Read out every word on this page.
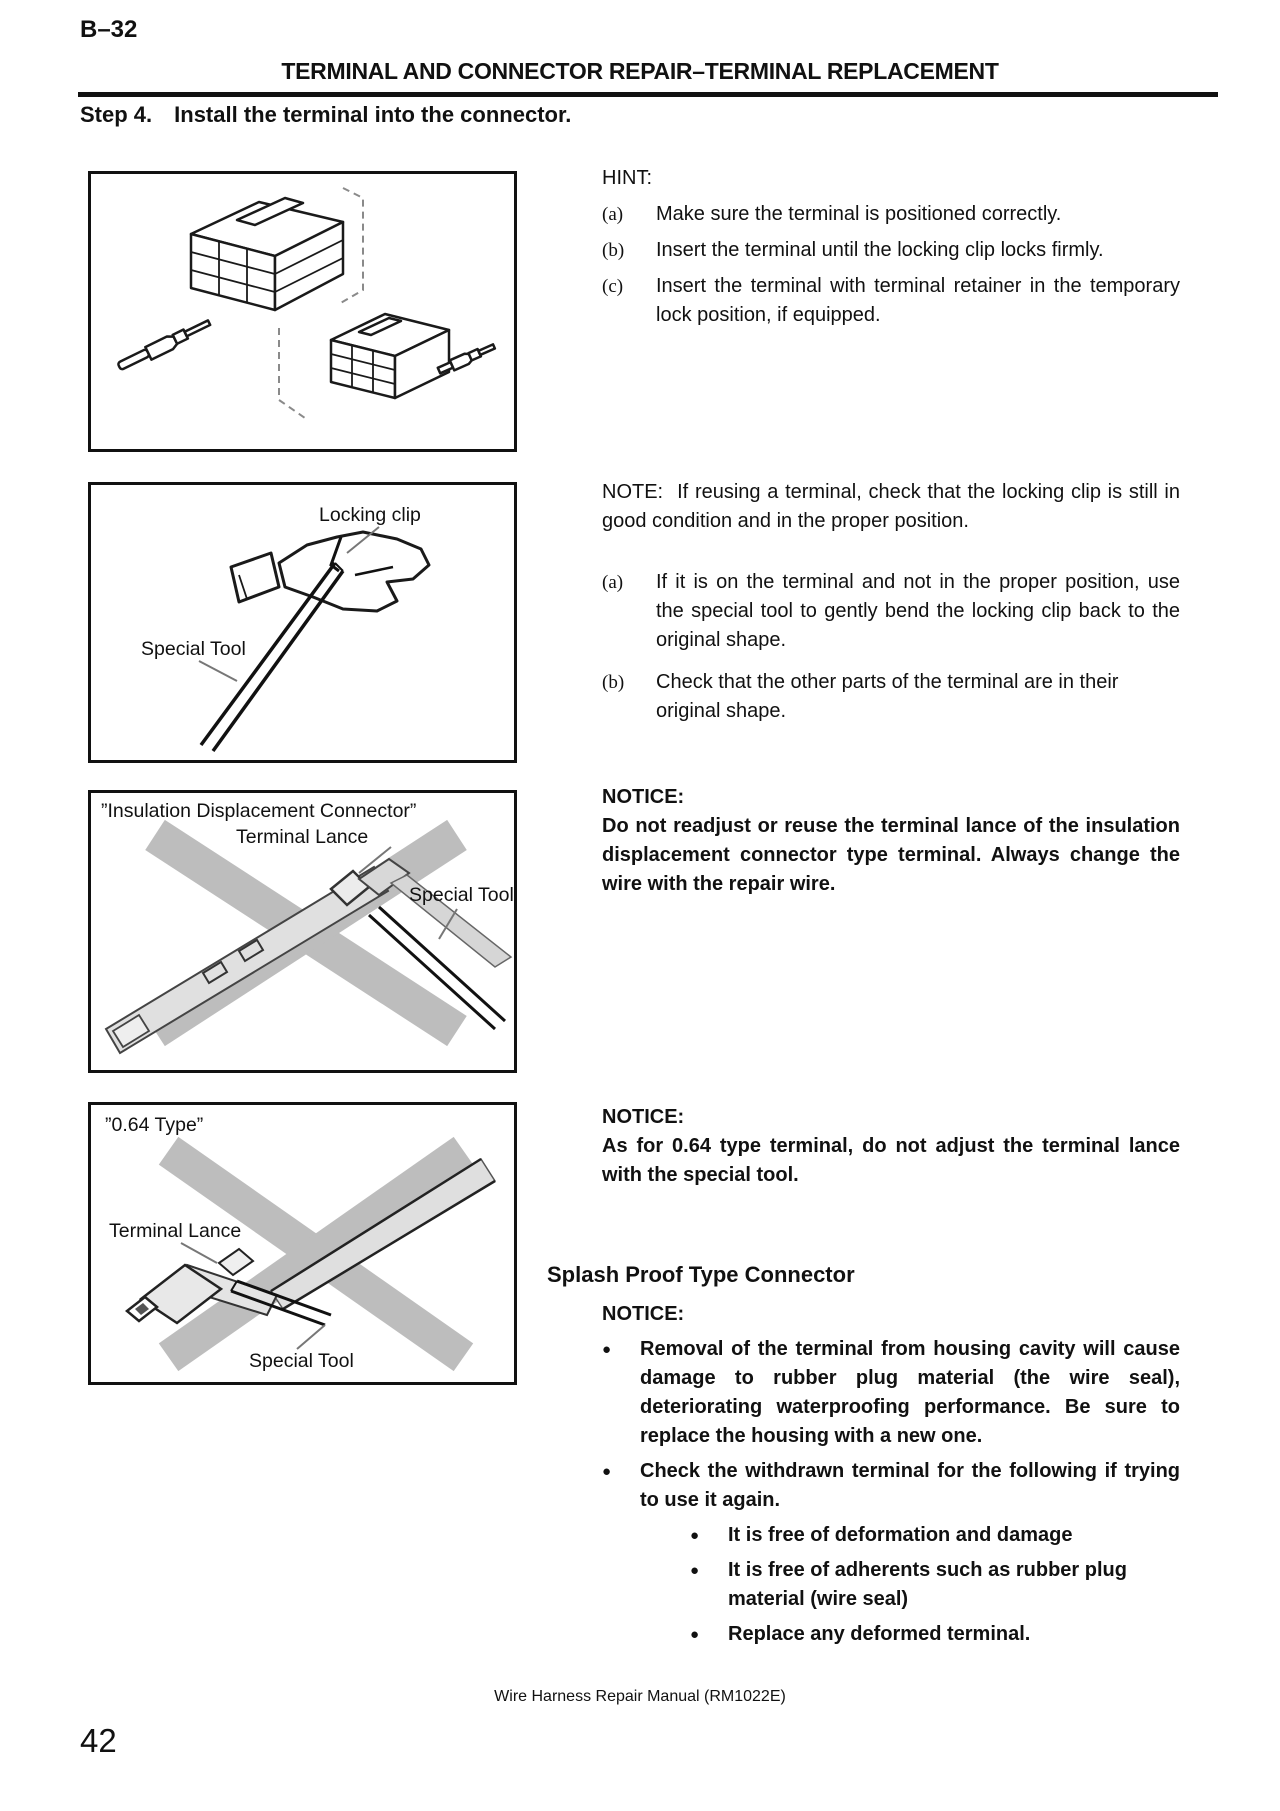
B–32
TERMINAL AND CONNECTOR REPAIR–TERMINAL REPLACEMENT
Step 4. Install the terminal into the connector.
Locking clip
Special Tool
”Insulation Displacement Connector”
Terminal Lance
Special Tool
”0.64 Type”
Terminal Lance
Special Tool
HINT:
(a)	Make sure the terminal is positioned correctly.
(b)	Insert the terminal until the locking clip locks firmly.
(c)	Insert the terminal with terminal retainer in the temporary lock position, if equipped.

NOTE: If reusing a terminal, check that the locking clip is still in good condition and in the proper position.

(a)	If it is on the terminal and not in the proper position, use the special tool to gently bend the locking clip back to the original shape.
(b)	Check that the other parts of the terminal are in their original shape.
NOTICE:
Do not readjust or reuse the terminal lance of the insulation displacement connector type terminal. Always change the wire with the repair wire.
NOTICE:
As for 0.64 type terminal, do not adjust the terminal lance with the special tool.
Splash Proof Type Connector
NOTICE:
●	Removal of the terminal from housing cavity will cause damage to rubber plug material (the wire seal), deteriorating waterproofing performance. Be sure to replace the housing with a new one.
●	Check the withdrawn terminal for the following if trying to use it again.
●	It is free of deformation and damage
●	It is free of adherents such as rubber plug material (wire seal)
●	Replace any deformed terminal.
Wire Harness Repair Manual (RM1022E)
42
